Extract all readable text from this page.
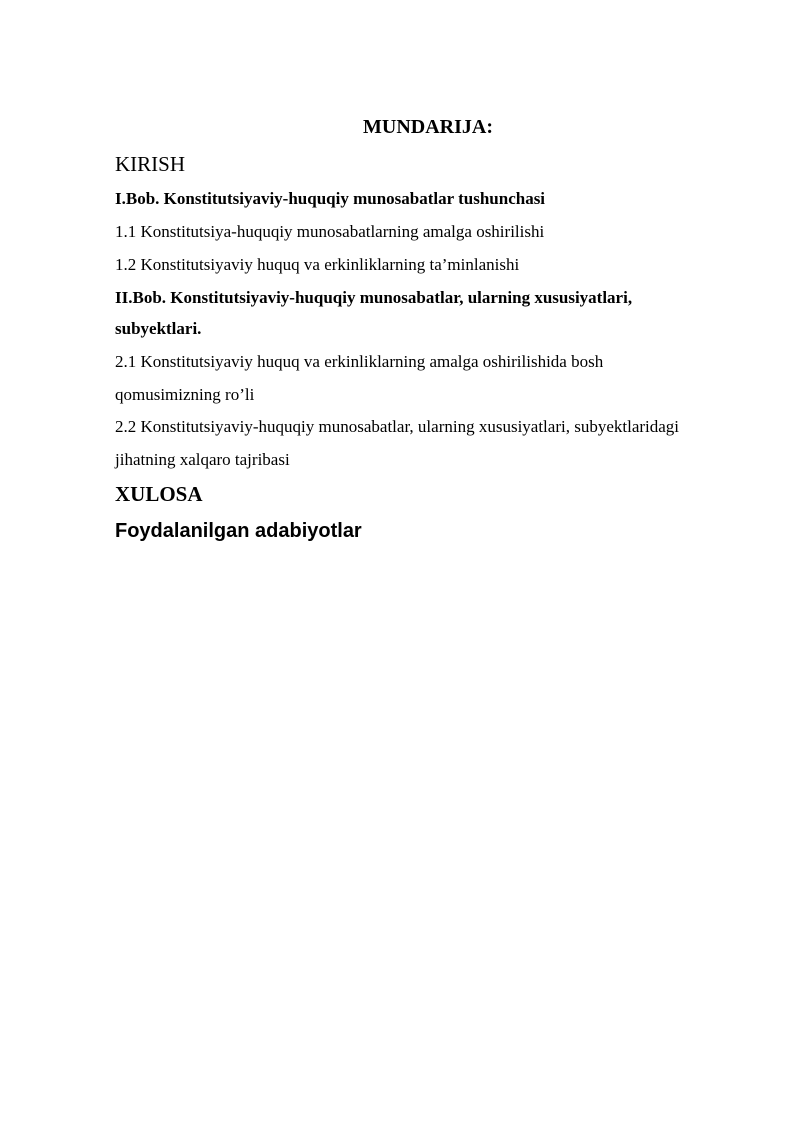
MUNDARIJA:
KIRISH
I.Bob. Konstitutsiyaviy-huquqiy munosabatlar tushunchasi
1.1 Konstitutsiya-huquqiy munosabatlarning amalga oshirilishi
1.2 Konstitutsiyaviy huquq va erkinliklarning ta’minlanishi
II.Bob. Konstitutsiyaviy-huquqiy munosabatlar, ularning xususiyatlari,
subyektlari.
2.1 Konstitutsiyaviy huquq va erkinliklarning amalga oshirilishida bosh
qomusimizning ro’li
2.2 Konstitutsiyaviy-huquqiy munosabatlar, ularning xususiyatlari, subyektlaridagi
jihatning xalqaro tajribasi
XULOSA
Foydalanilgan adabiyotlar
